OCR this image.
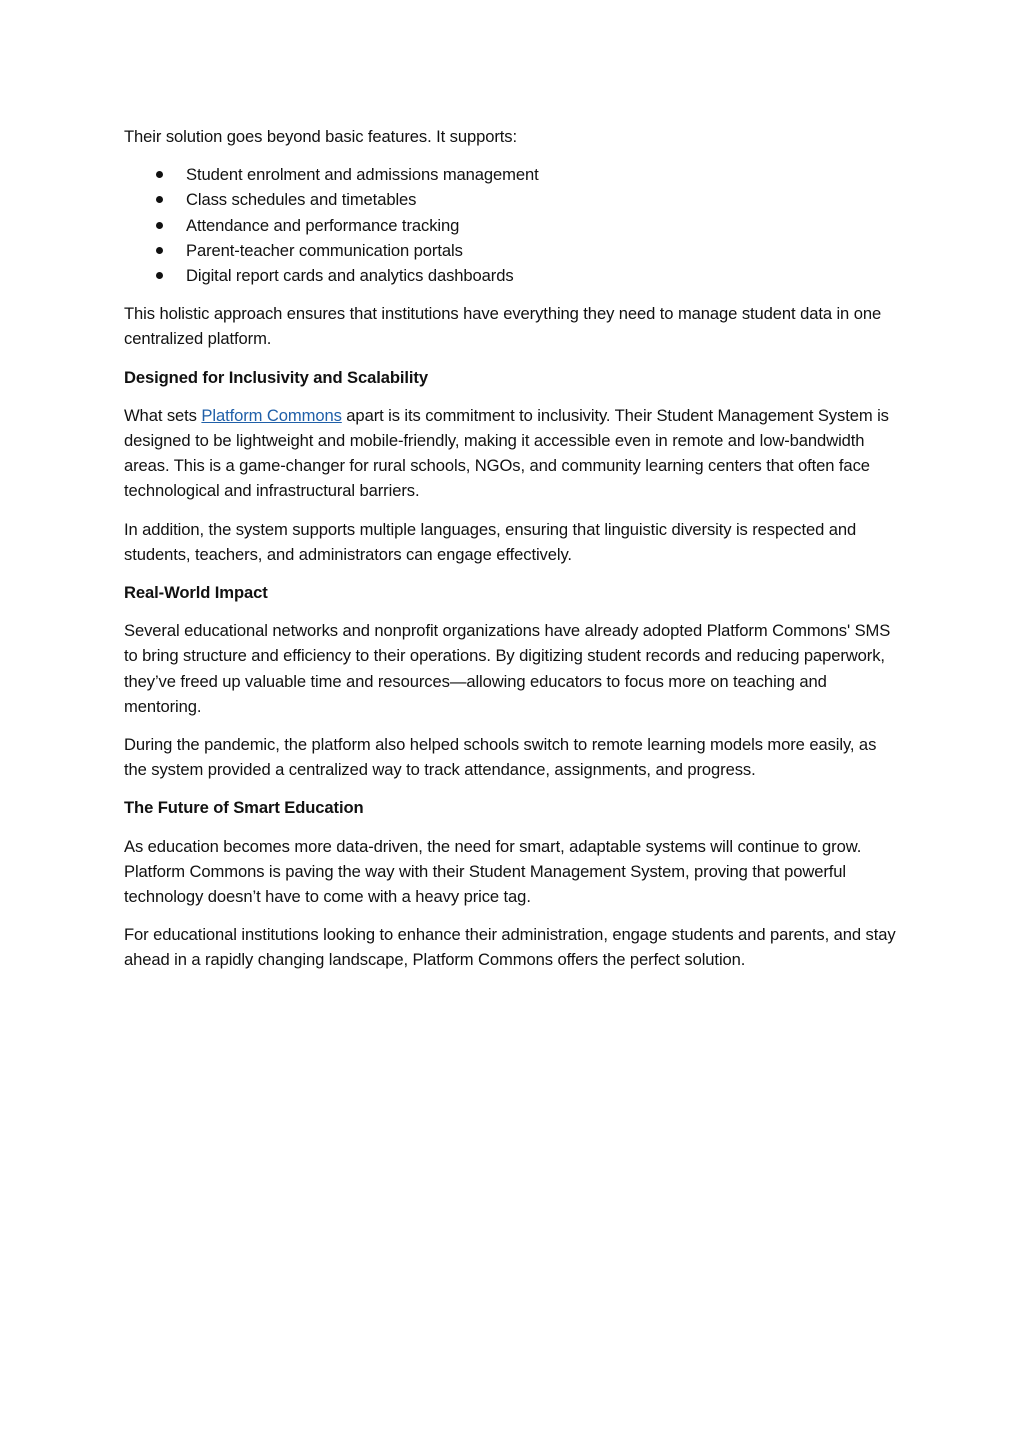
Their solution goes beyond basic features. It supports:

Student enrolment and admissions management
Class schedules and timetables
Attendance and performance tracking
Parent-teacher communication portals
Digital report cards and analytics dashboards

This holistic approach ensures that institutions have everything they need to manage student data in one centralized platform.

Designed for Inclusivity and Scalability

What sets Platform Commons apart is its commitment to inclusivity. Their Student Management System is designed to be lightweight and mobile-friendly, making it accessible even in remote and low-bandwidth areas. This is a game-changer for rural schools, NGOs, and community learning centers that often face technological and infrastructural barriers.

In addition, the system supports multiple languages, ensuring that linguistic diversity is respected and students, teachers, and administrators can engage effectively.

Real-World Impact

Several educational networks and nonprofit organizations have already adopted Platform Commons' SMS to bring structure and efficiency to their operations. By digitizing student records and reducing paperwork, they’ve freed up valuable time and resources—allowing educators to focus more on teaching and mentoring.

During the pandemic, the platform also helped schools switch to remote learning models more easily, as the system provided a centralized way to track attendance, assignments, and progress.

The Future of Smart Education

As education becomes more data-driven, the need for smart, adaptable systems will continue to grow. Platform Commons is paving the way with their Student Management System, proving that powerful technology doesn’t have to come with a heavy price tag.

For educational institutions looking to enhance their administration, engage students and parents, and stay ahead in a rapidly changing landscape, Platform Commons offers the perfect solution.
